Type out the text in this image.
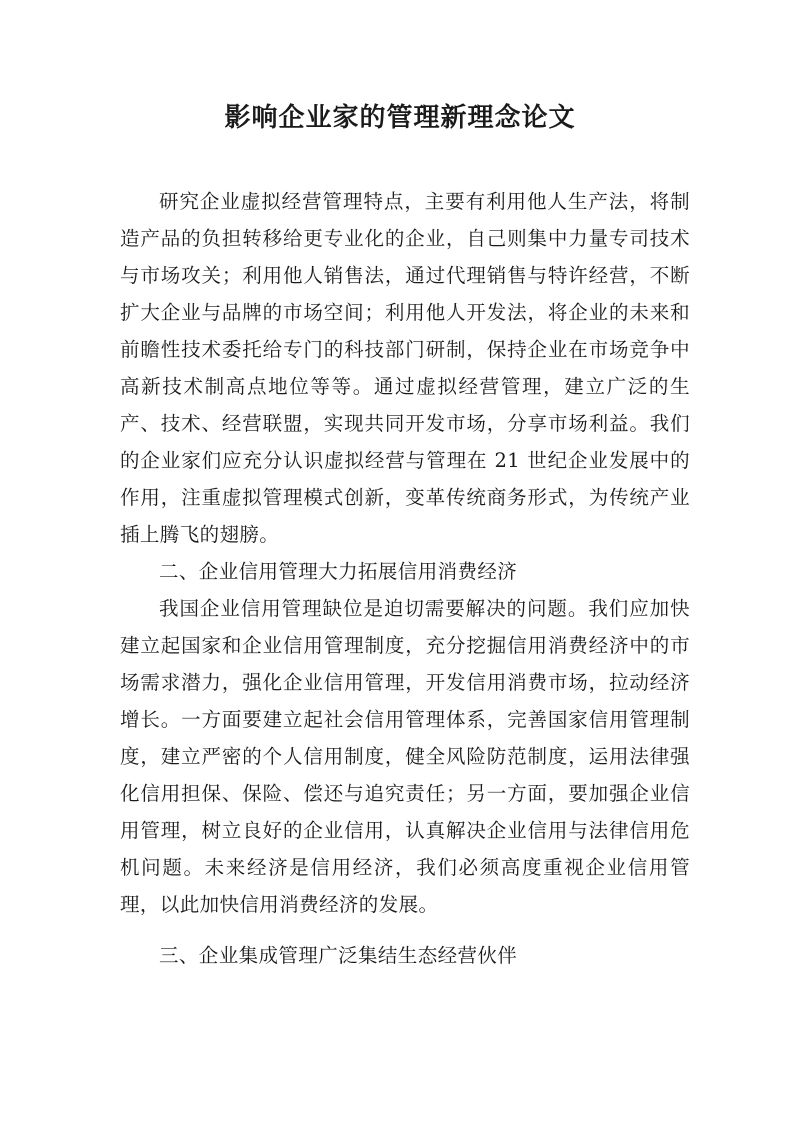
影响企业家的管理新理念论文

研究企业虚拟经营管理特点，主要有利用他人生产法，将制造产品的负担转移给更专业化的企业，自己则集中力量专司技术与市场攻关；利用他人销售法，通过代理销售与特许经营，不断扩大企业与品牌的市场空间；利用他人开发法，将企业的未来和前瞻性技术委托给专门的科技部门研制，保持企业在市场竞争中高新技术制高点地位等等。通过虚拟经营管理，建立广泛的生产、技术、经营联盟，实现共同开发市场，分享市场利益。我们的企业家们应充分认识虚拟经营与管理在 21 世纪企业发展中的作用，注重虚拟管理模式创新，变革传统商务形式，为传统产业插上腾飞的翅膀。

二、企业信用管理大力拓展信用消费经济

我国企业信用管理缺位是迫切需要解决的问题。我们应加快建立起国家和企业信用管理制度，充分挖掘信用消费经济中的市场需求潜力，强化企业信用管理，开发信用消费市场，拉动经济增长。一方面要建立起社会信用管理体系，完善国家信用管理制度，建立严密的个人信用制度，健全风险防范制度，运用法律强化信用担保、保险、偿还与追究责任；另一方面，要加强企业信用管理，树立良好的企业信用，认真解决企业信用与法律信用危机问题。未来经济是信用经济，我们必须高度重视企业信用管理，以此加快信用消费经济的发展。

三、企业集成管理广泛集结生态经营伙伴
